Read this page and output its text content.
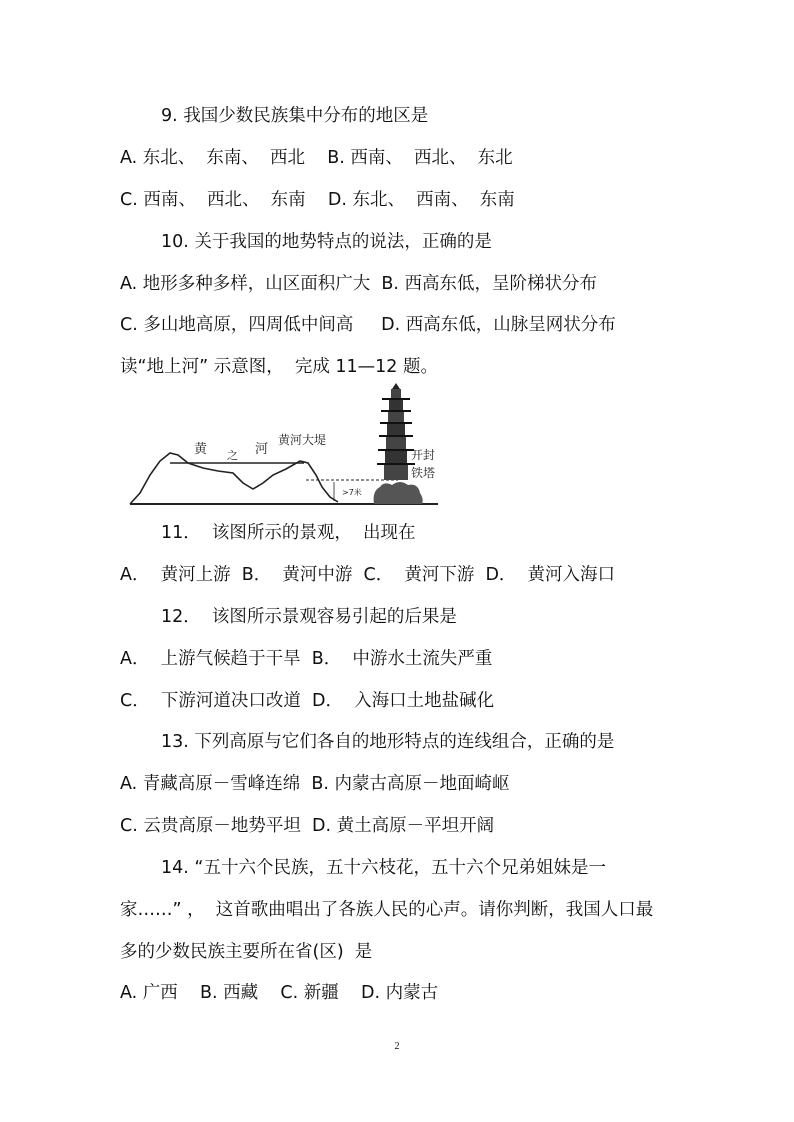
9. 我国少数民族集中分布的地区是
A. 东北、  东南、  西北    B. 西南、  西北、  东北
C. 西南、  西北、  东南    D. 东北、  西南、  东南
10. 关于我国的地势特点的说法，正确的是
A. 地形多种多样，山区面积广大  B. 西高东低，呈阶梯状分布
C. 多山地高原，四周低中间高     D. 西高东低，山脉呈网状分布
读“地上河” 示意图，  完成 11—12 题。
>7米
黄 之 河
黄河大堤
开封
铁塔
11．  该图所示的景观，  出现在
A．  黄河上游  B．  黄河中游  C．  黄河下游  D．  黄河入海口
12．  该图所示景观容易引起的后果是
A．  上游气候趋于干旱  B．  中游水土流失严重
C．  下游河道决口改道  D．  入海口土地盐碱化
13. 下列高原与它们各自的地形特点的连线组合，正确的是
A. 青藏高原－雪峰连绵  B. 内蒙古高原－地面崎岖
C. 云贵高原－地势平坦  D. 黄土高原－平坦开阔
14. “五十六个民族，五十六枝花，五十六个兄弟姐妹是一
家……” ，  这首歌曲唱出了各族人民的心声。请你判断，我国人口最
多的少数民族主要所在省(区)  是
A. 广西    B. 西藏    C. 新疆    D. 内蒙古
2
